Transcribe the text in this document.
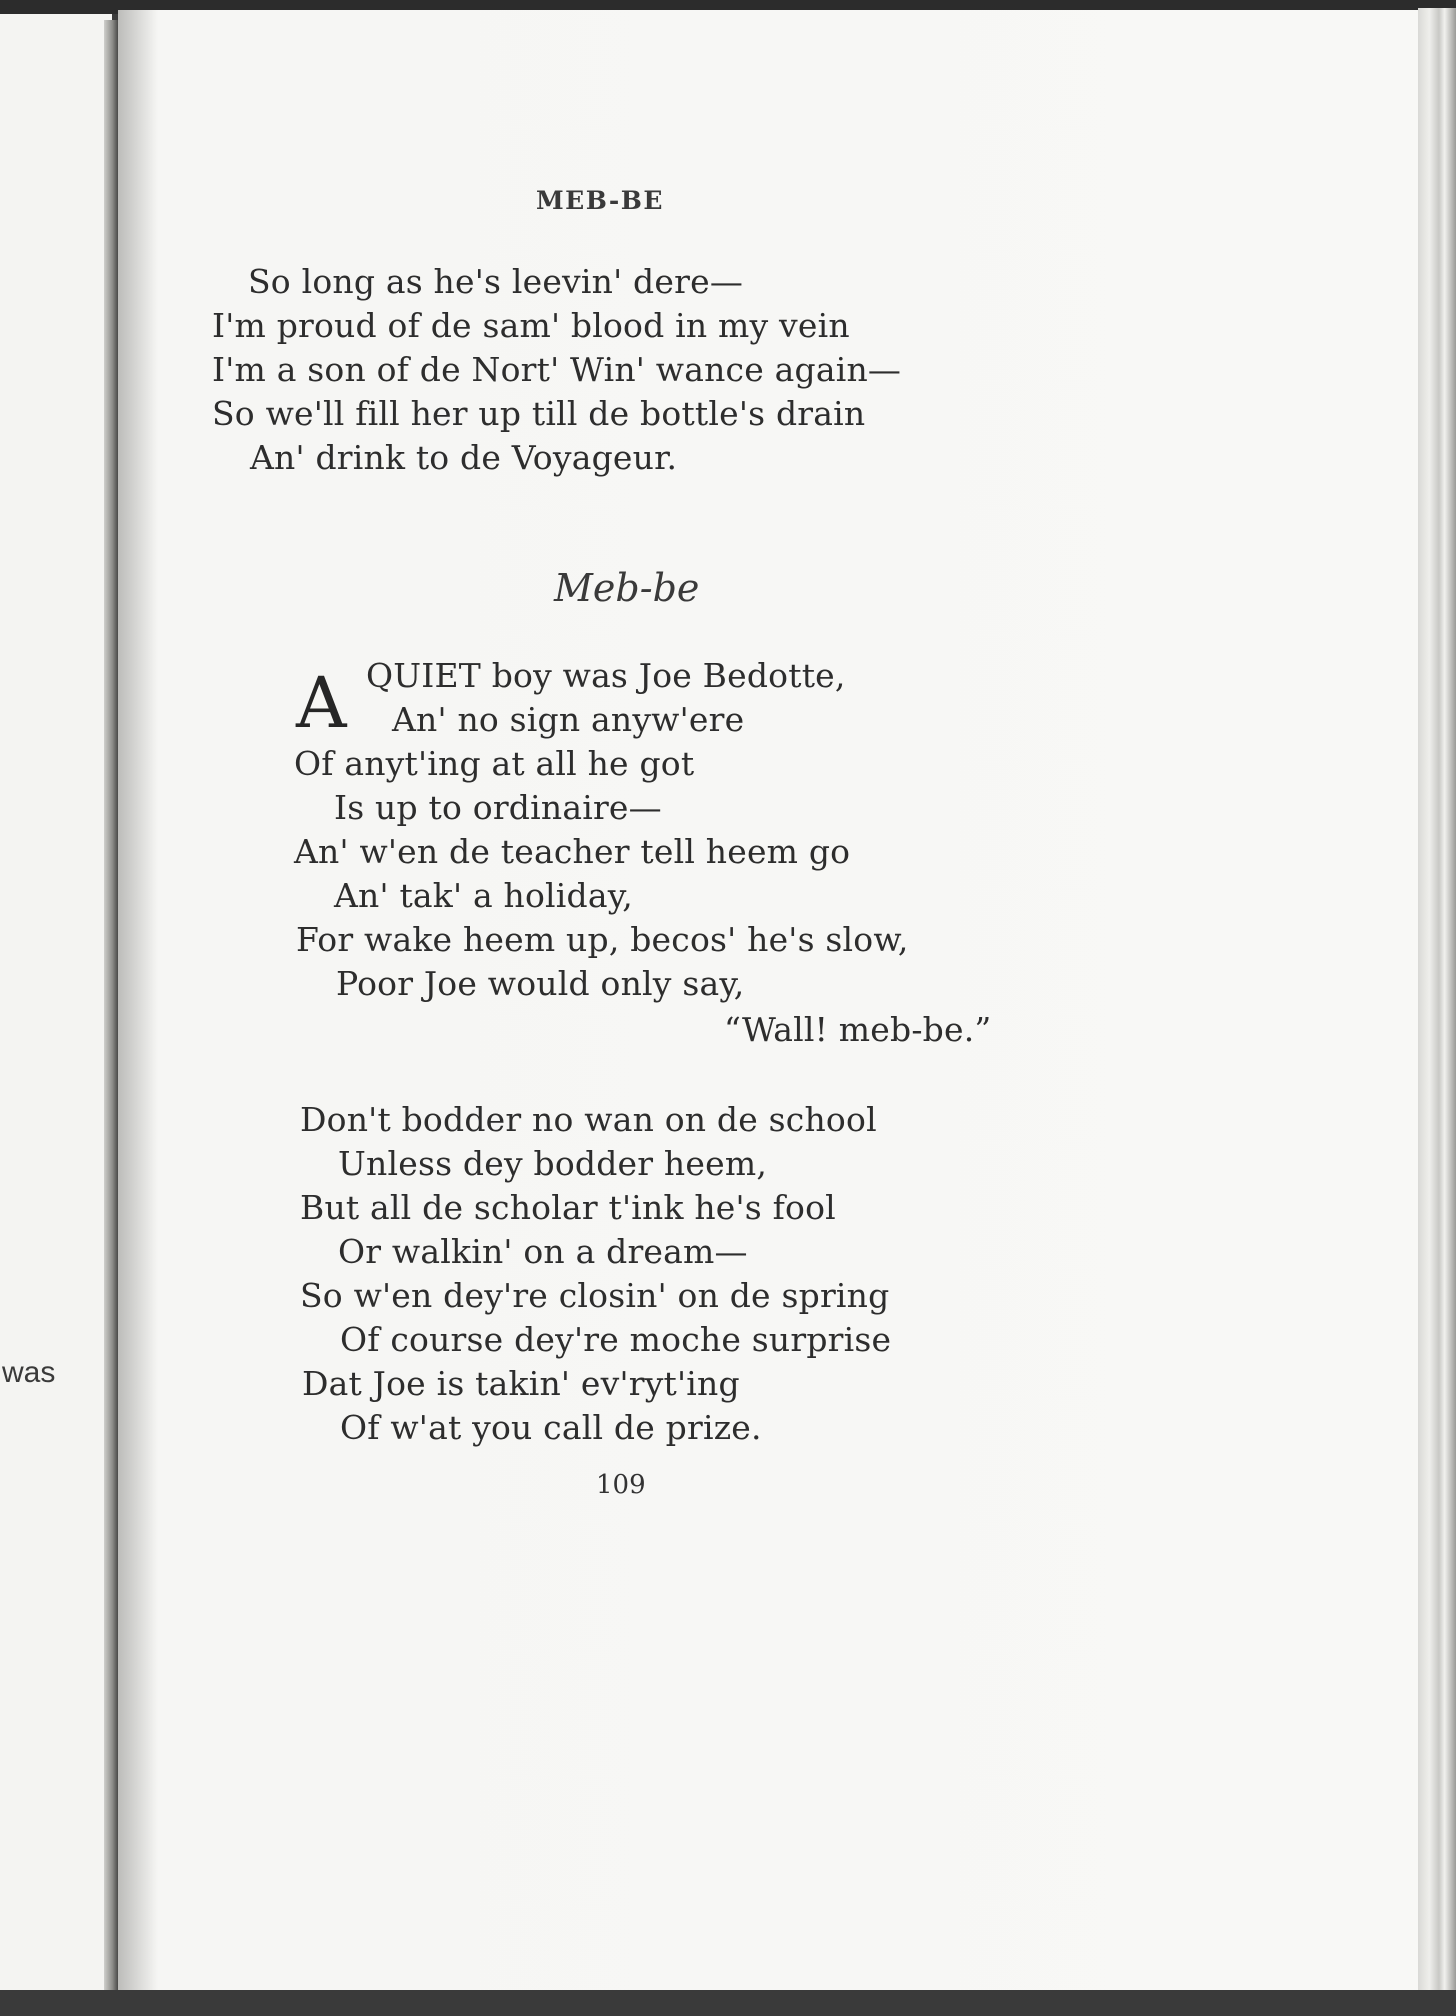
was
MEB-BE
So long as he's leevin' dere—
I'm proud of de sam' blood in my vein
I'm a son of de Nort' Win' wance again—
So we'll fill her up till de bottle's drain
An' drink to de Voyageur.
Meb-be
A QUIET boy was Joe Bedotte,
An' no sign anyw'ere
Of anyt'ing at all he got
Is up to ordinaire—
An' w'en de teacher tell heem go
An' tak' a holiday,
For wake heem up, becos' he's slow,
Poor Joe would only say,
“Wall! meb-be.”
Don't bodder no wan on de school
Unless dey bodder heem,
But all de scholar t'ink he's fool
Or walkin' on a dream—
So w'en dey're closin' on de spring
Of course dey're moche surprise
Dat Joe is takin' ev'ryt'ing
Of w'at you call de prize.
109
